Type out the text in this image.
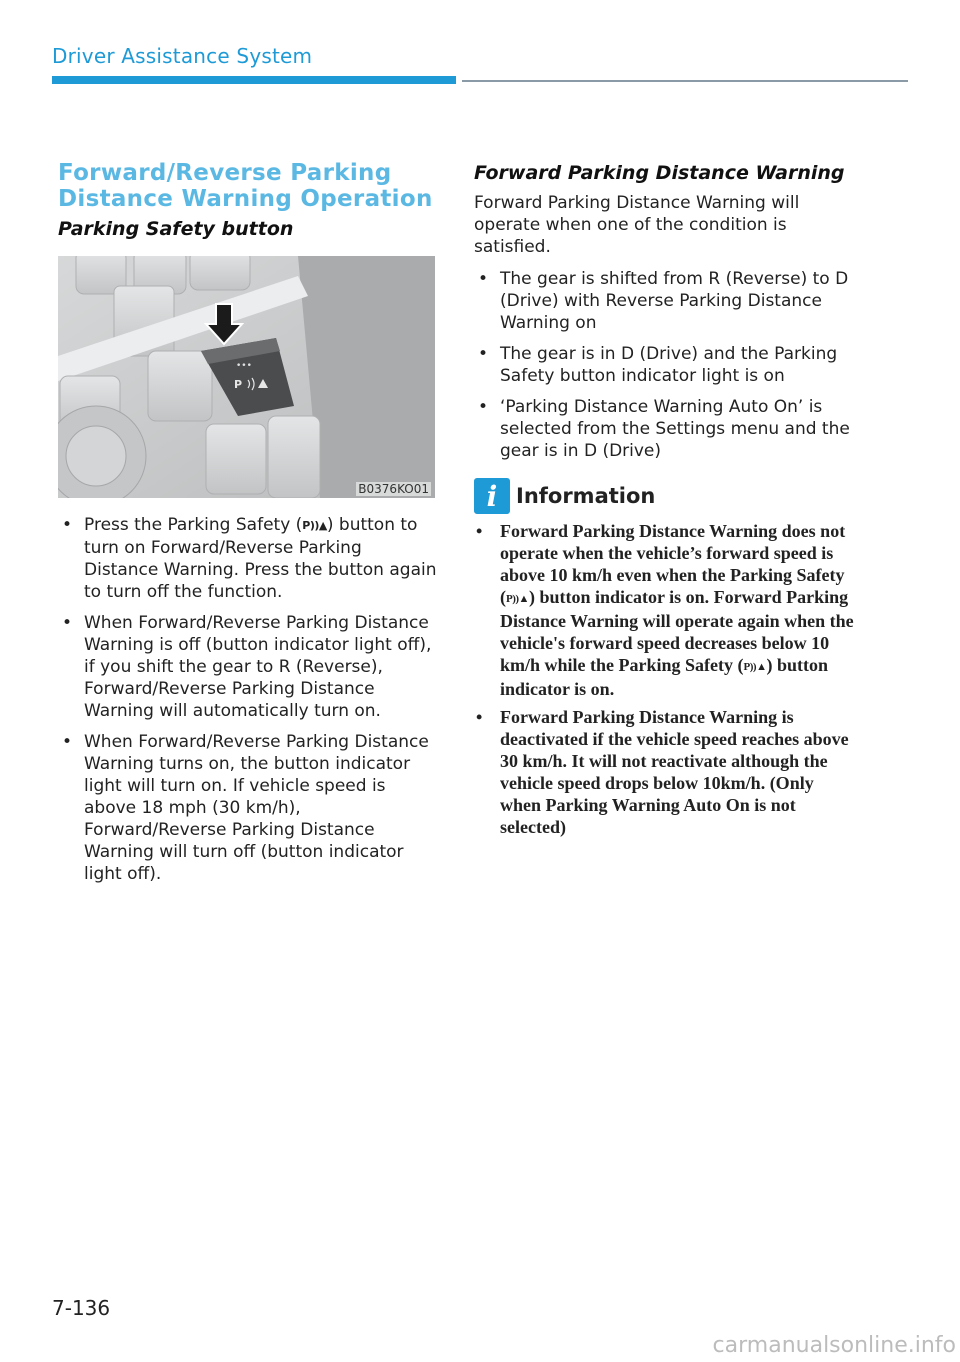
Driver Assistance System
Forward/Reverse Parking
Distance Warning Operation
Parking Safety button
•••
P
B0376KO01
• Press the Parking Safety (P))▲) button to turn on Forward/Reverse Parking Distance Warning. Press the button again to turn off the function.
• When Forward/Reverse Parking Distance Warning is off (button indicator light off), if you shift the gear to R (Reverse), Forward/Reverse Parking Distance Warning will automatically turn on.
• When Forward/Reverse Parking Distance Warning turns on, the button indicator light will turn on. If vehicle speed is above 18 mph (30 km/h), Forward/Reverse Parking Distance Warning will turn off (button indicator light off).
Forward Parking Distance Warning

Forward Parking Distance Warning will operate when one of the condition is satisfied.

• The gear is shifted from R (Reverse) to D (Drive) with Reverse Parking Distance Warning on
• The gear is in D (Drive) and the Parking Safety button indicator light is on
• ‘Parking Distance Warning Auto On’ is selected from the Settings menu and the gear is in D (Drive)
i Information
• Forward Parking Distance Warning does not operate when the vehicle’s forward speed is above 10 km/h even when the Parking Safety (P))▲) button indicator is on. Forward Parking Distance Warning will operate again when the vehicle's forward speed decreases below 10 km/h while the Parking Safety (P))▲) button indicator is on.
• Forward Parking Distance Warning is deactivated if the vehicle speed reaches above 30 km/h. It will not reactivate although the vehicle speed drops below 10km/h. (Only when Parking Warning Auto On is not selected)
7-136
carmanualsonline.info
